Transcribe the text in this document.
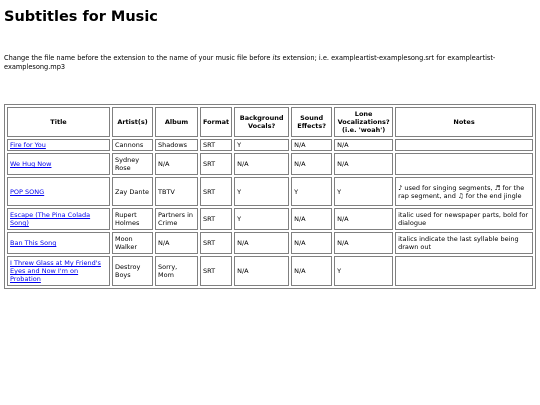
Subtitles for Music

Change the file name before the extension to the name of your music file before its extension; i.e. exampleartist-examplesong.srt for exampleartist-examplesong.mp3

Title	Artist(s)	Album	Format	Background Vocals?	Sound Effects?	Lone Vocalizations? (i.e. 'woah')	Notes
Fire for You	Cannons	Shadows	SRT	Y	N/A	N/A	
We Hug Now	Sydney Rose	N/A	SRT	N/A	N/A	N/A	
POP SONG	Zay Dante	TBTV	SRT	Y	Y	Y	♪ used for singing segments, ♬ for the rap segment, and ♫ for the end jingle
Escape (The Pina Colada Song)	Rupert Holmes	Partners in Crime	SRT	Y	N/A	N/A	italic used for newspaper parts, bold for dialogue
Ban This Song	Moon Walker	N/A	SRT	N/A	N/A	N/A	italics indicate the last syllable being drawn out
I Threw Glass at My Friend's Eyes and Now I'm on Probation	Destroy Boys	Sorry, Mom	SRT	N/A	N/A	Y	
